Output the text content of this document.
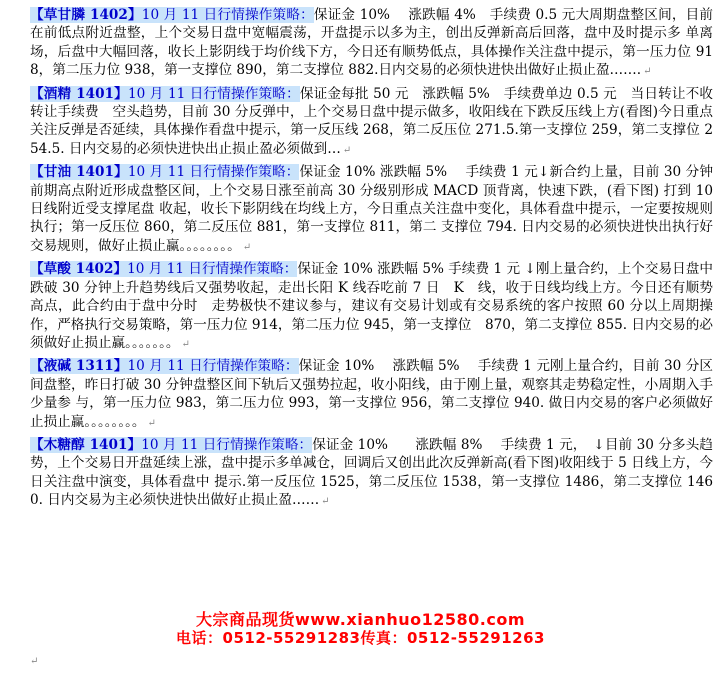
【草甘膦 1402】10 月 11 日行情操作策略：保证金 10%　 涨跌幅 4%　手续费 0.5 元大周期盘整区间，目前在前低点附近盘整，上个交易日盘中宽幅震荡，开盘提示以多为主，创出反弹新高后回落，盘中及时提示多 单离场，后盘中大幅回落，收长上影阴线于均价线下方，今日还有顺势低点，具体操作关注盘中提示，第一压力位 918，第二压力位 938，第一支撑位 890，第二支撑位 882.日内交易的必须快进快出做好止损止盈……. ↵
【酒精 1401】10 月 11 日行情操作策略：保证金每批 50 元　涨跌幅 5%　手续费单边 0.5 元　当日转让不收转让手续费　空头趋势，目前 30 分反弹中，上个交易日盘中提示做多，收阳线在下跌反压线上方(看图)今日重点关注反弹是否延续，具体操作看盘中提示，第一反压线 268，第二反压位 271.5.第一支撑位 259，第二支撑位 254.5. 日内交易的必须快进快出止损止盈必须做到… ↵
【甘油 1401】10 月 11 日行情操作策略：保证金 10% 涨跌幅 5%　 手续费 1 元↓新合约上量，目前 30 分钟前期高点附近形成盘整区间，上个交易日涨至前高 30 分级别形成 MACD 顶背离，快速下跌，(看下图) 打到 10 日线附近受支撑尾盘 收起，收长下影阴线在均线上方，今日重点关注盘中变化，具体看盘中提示，一定要按规则执行；第一反压位 860，第二反压位 881，第一支撑位 811，第二 支撑位 794. 日内交易的必须快进快出执行好交易规则，做好止损止赢。。。。。。。。 ↵
【草酸 1402】10 月 11 日行情操作策略：保证金 10% 涨跌幅 5% 手续费 1 元 ↓刚上量合约，上个交易日盘中跌破 30 分钟上升趋势线后又强势收起，走出长阳 K 线吞吃前 7 日　K　线，收于日线均线上方。今日还有顺势高点，此合约由于盘中分时　走势极快不建议参与，建议有交易计划或有交易系统的客户按照 60 分以上周期操作，严格执行交易策略，第一压力位 914，第二压力位 945，第一支撑位　870，第二支撑位 855. 日内交易的必须做好止损止赢。。。。。。。 ↵
【液碱 1311】10 月 11 日行情操作策略：保证金 10%　 涨跌幅 5%　 手续费 1 元刚上量合约，目前 30 分区间盘整，昨日打破 30 分钟盘整区间下轨后又强势拉起，收小阳线，由于刚上量，观察其走势稳定性，小周期入手少量参 与，第一压力位 983，第二压力位 993，第一支撑位 956，第二支撑位 940. 做日内交易的客户必须做好止损止赢。。。。。。。。 ↵
【木糖醇 1401】10 月 11 日行情操作策略：保证金 10%　　涨跌幅 8%　 手续费 1 元，　↓目前 30 分多头趋势，上个交易日开盘延续上涨，盘中提示多单减仓，回调后又创出此次反弹新高(看下图)收阳线于 5 日线上方，今日关注盘中演变，具体看盘中 提示.第一反压位 1525，第二反压位 1538，第一支撑位 1486，第二支撑位 1460. 日内交易为主必须快进快出做好止损止盈…… ↵
大宗商品现货www.xianhuo12580.com
电话：0512-55291283传真：0512-55291263
↵
